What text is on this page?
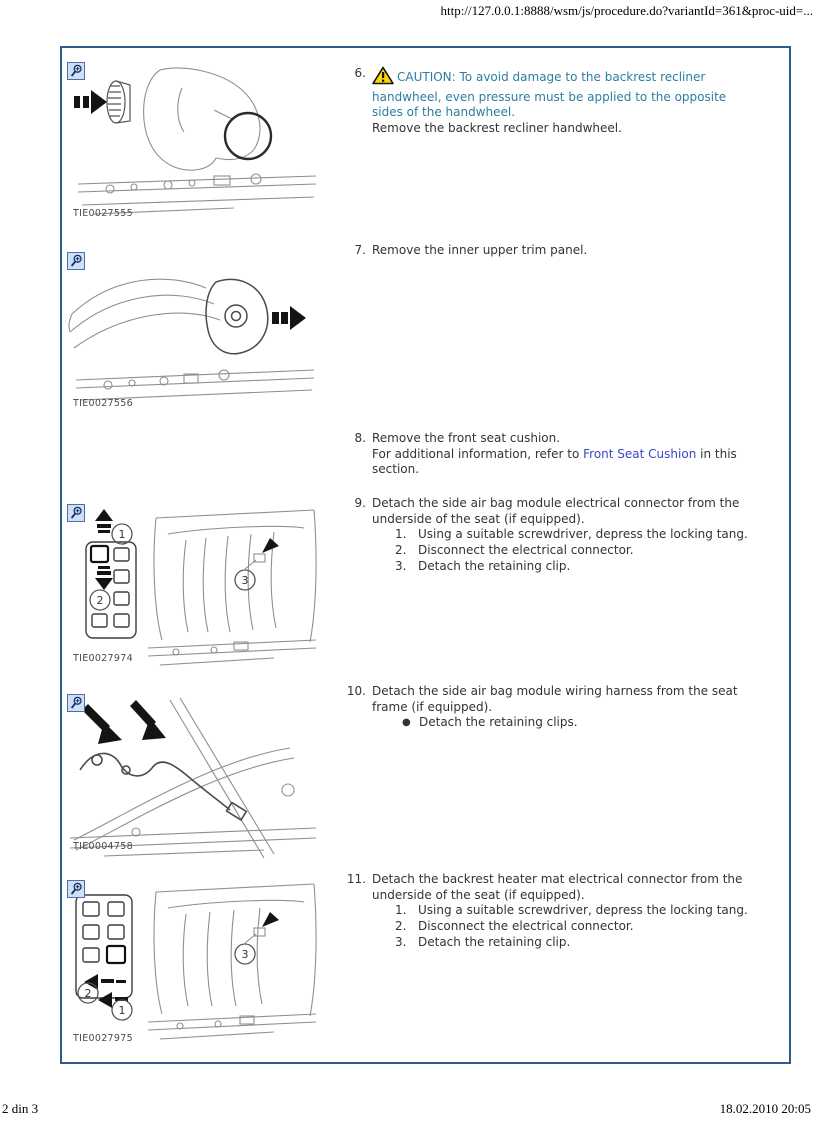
http://127.0.0.1:8888/wsm/js/procedure.do?variantId=361&proc-uid=...
TIE0027555
TIE0027556
1
2
3
TIE0027974
TIE0004758
2
1
3
TIE0027975
6.	CAUTION: To avoid damage to the backrest recliner handwheel, even pressure must be applied to the opposite sides of the handwheel.
Remove the backrest recliner handwheel.
7. Remove the inner upper trim panel.
8. Remove the front seat cushion.
For additional information, refer to Front Seat Cushion in this section.
9. Detach the side air bag module electrical connector from the underside of the seat (if equipped).
1. Using a suitable screwdriver, depress the locking tang.
2. Disconnect the electrical connector.
3. Detach the retaining clip.
10. Detach the side air bag module wiring harness from the seat frame (if equipped).
● Detach the retaining clips.
11. Detach the backrest heater mat electrical connector from the underside of the seat (if equipped).
1. Using a suitable screwdriver, depress the locking tang.
2. Disconnect the electrical connector.
3. Detach the retaining clip.
2 din 3	18.02.2010 20:05
